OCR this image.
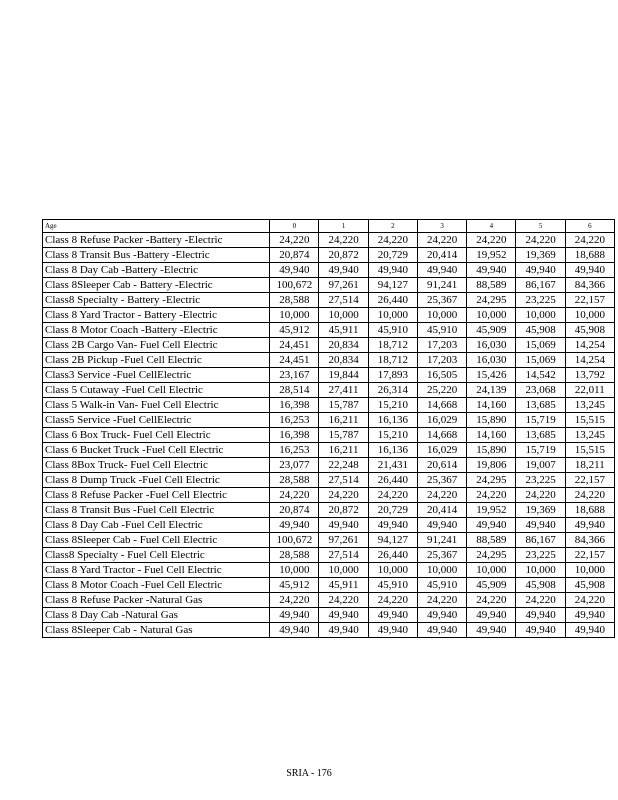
Age	0	1	2	3	4	5	6
Class 8 Refuse Packer -Battery -Electric	24,220	24,220	24,220	24,220	24,220	24,220	24,220
Class 8 Transit Bus -Battery -Electric	20,874	20,872	20,729	20,414	19,952	19,369	18,688
Class 8 Day Cab -Battery -Electric	49,940	49,940	49,940	49,940	49,940	49,940	49,940
Class 8Sleeper Cab - Battery -Electric	100,672	97,261	94,127	91,241	88,589	86,167	84,366
Class8 Specialty - Battery -Electric	28,588	27,514	26,440	25,367	24,295	23,225	22,157
Class 8 Yard Tractor - Battery -Electric	10,000	10,000	10,000	10,000	10,000	10,000	10,000
Class 8 Motor Coach -Battery -Electric	45,912	45,911	45,910	45,910	45,909	45,908	45,908
Class 2B Cargo Van- Fuel Cell Electric	24,451	20,834	18,712	17,203	16,030	15,069	14,254
Class 2B Pickup -Fuel Cell Electric	24,451	20,834	18,712	17,203	16,030	15,069	14,254
Class3 Service -Fuel CellElectric	23,167	19,844	17,893	16,505	15,426	14,542	13,792
Class 5 Cutaway -Fuel Cell Electric	28,514	27,411	26,314	25,220	24,139	23,068	22,011
Class 5 Walk-in Van- Fuel Cell Electric	16,398	15,787	15,210	14,668	14,160	13,685	13,245
Class5 Service -Fuel CellElectric	16,253	16,211	16,136	16,029	15,890	15,719	15,515
Class 6 Box Truck- Fuel Cell Electric	16,398	15,787	15,210	14,668	14,160	13,685	13,245
Class 6 Bucket Truck -Fuel Cell Electric	16,253	16,211	16,136	16,029	15,890	15,719	15,515
Class 8Box Truck- Fuel Cell Electric	23,077	22,248	21,431	20,614	19,806	19,007	18,211
Class 8 Dump Truck -Fuel Cell Electric	28,588	27,514	26,440	25,367	24,295	23,225	22,157
Class 8 Refuse Packer -Fuel Cell Electric	24,220	24,220	24,220	24,220	24,220	24,220	24,220
Class 8 Transit Bus -Fuel Cell Electric	20,874	20,872	20,729	20,414	19,952	19,369	18,688
Class 8 Day Cab -Fuel Cell Electric	49,940	49,940	49,940	49,940	49,940	49,940	49,940
Class 8Sleeper Cab - Fuel Cell Electric	100,672	97,261	94,127	91,241	88,589	86,167	84,366
Class8 Specialty - Fuel Cell Electric	28,588	27,514	26,440	25,367	24,295	23,225	22,157
Class 8 Yard Tractor - Fuel Cell Electric	10,000	10,000	10,000	10,000	10,000	10,000	10,000
Class 8 Motor Coach -Fuel Cell Electric	45,912	45,911	45,910	45,910	45,909	45,908	45,908
Class 8 Refuse Packer -Natural Gas	24,220	24,220	24,220	24,220	24,220	24,220	24,220
Class 8 Day Cab -Natural Gas	49,940	49,940	49,940	49,940	49,940	49,940	49,940
Class 8Sleeper Cab - Natural Gas	49,940	49,940	49,940	49,940	49,940	49,940	49,940
SRIA - 176
